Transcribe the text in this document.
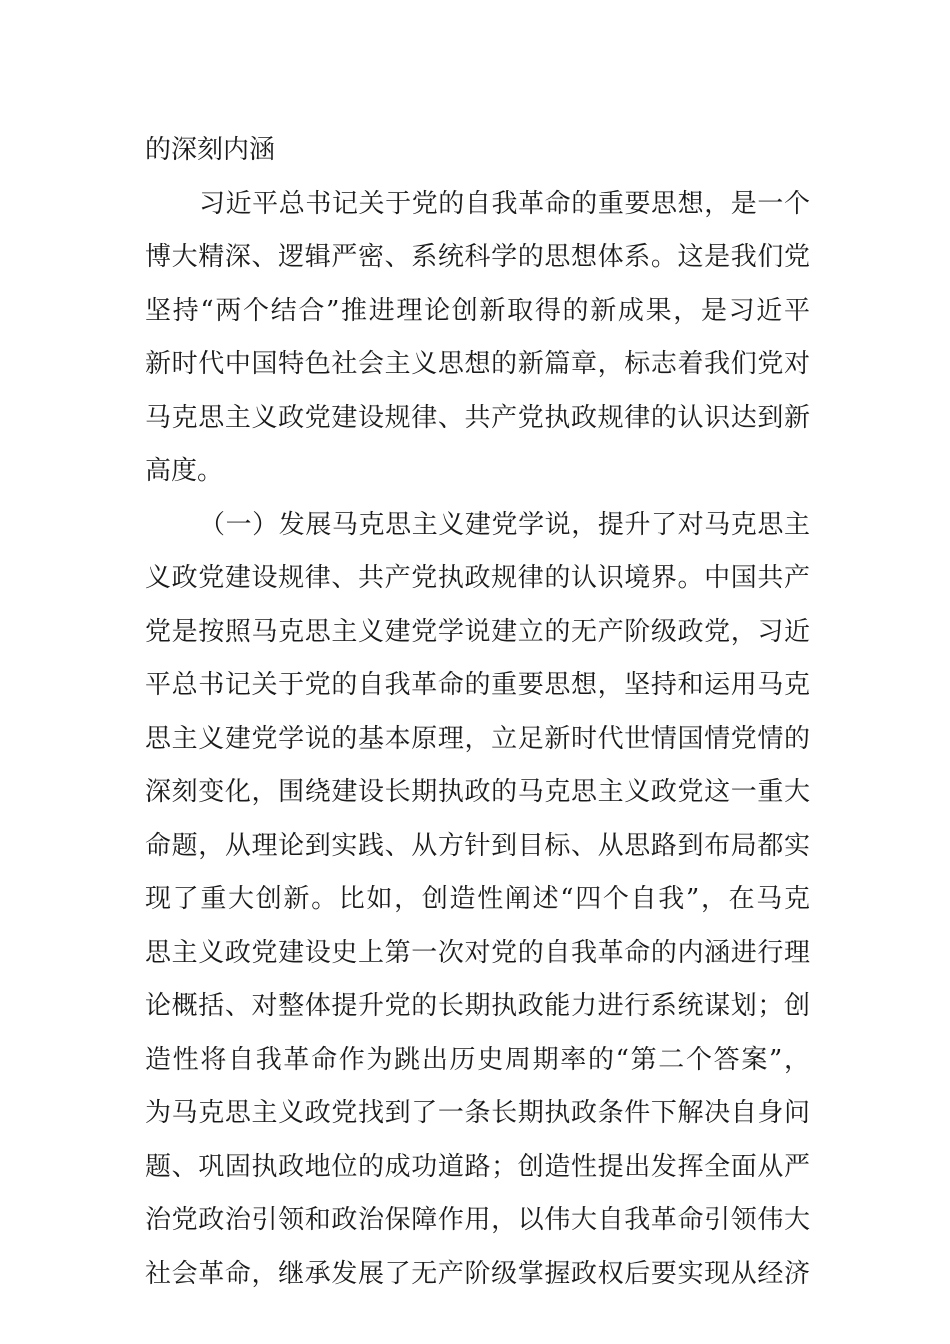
的深刻内涵
习近平总书记关于党的自我革命的重要思想，是一个
博大精深、逻辑严密、系统科学的思想体系。这是我们党
坚持“两个结合”推进理论创新取得的新成果，是习近平
新时代中国特色社会主义思想的新篇章，标志着我们党对
马克思主义政党建设规律、共产党执政规律的认识达到新
高度。
（一）发展马克思主义建党学说，提升了对马克思主
义政党建设规律、共产党执政规律的认识境界。中国共产
党是按照马克思主义建党学说建立的无产阶级政党，习近
平总书记关于党的自我革命的重要思想，坚持和运用马克
思主义建党学说的基本原理，立足新时代世情国情党情的
深刻变化，围绕建设长期执政的马克思主义政党这一重大
命题，从理论到实践、从方针到目标、从思路到布局都实
现了重大创新。比如，创造性阐述“四个自我”，在马克
思主义政党建设史上第一次对党的自我革命的内涵进行理
论概括、对整体提升党的长期执政能力进行系统谋划；创
造性将自我革命作为跳出历史周期率的“第二个答案”，
为马克思主义政党找到了一条长期执政条件下解决自身问
题、巩固执政地位的成功道路；创造性提出发挥全面从严
治党政治引领和政治保障作用，以伟大自我革命引领伟大
社会革命，继承发展了无产阶级掌握政权后要实现从经济
